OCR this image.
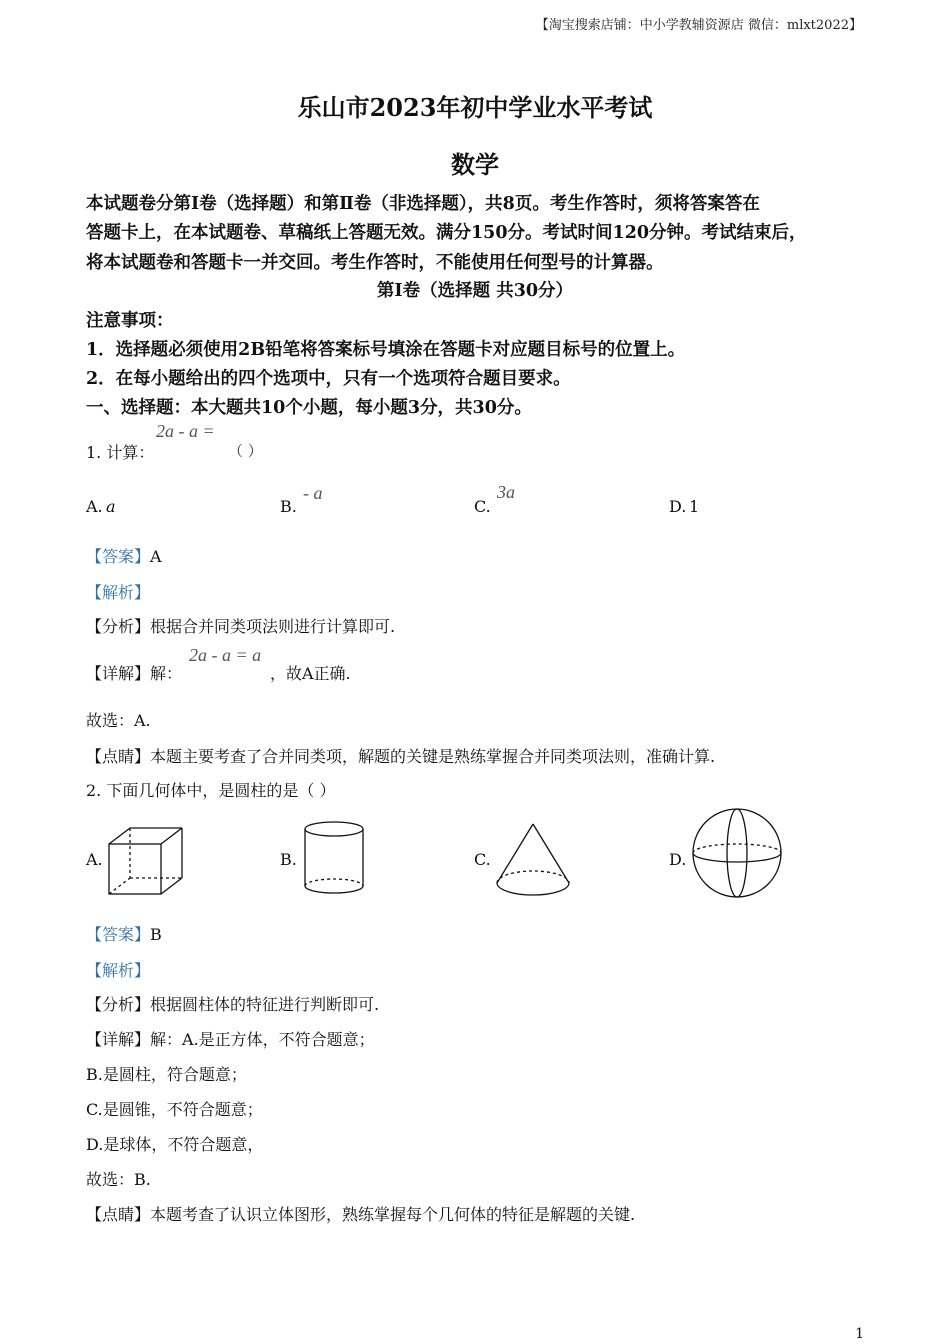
【淘宝搜索店铺：中小学教辅资源店 微信：mlxt2022】
乐山市2023年初中学业水平考试
数学
本试题卷分第Ⅰ卷（选择题）和第Ⅱ卷（非选择题），共8页。考生作答时，须将答案答在
答题卡上，在本试题卷、草稿纸上答题无效。满分150分。考试时间120分钟。考试结束后，
将本试题卷和答题卡一并交回。考生作答时，不能使用任何型号的计算器。
第Ⅰ卷（选择题 共30分）
注意事项：
1．选择题必须使用2B铅笔将答案标号填涂在答题卡对应题目标号的位置上。
2．在每小题给出的四个选项中，只有一个选项符合题目要求。
一、选择题：本大题共10个小题，每小题3分，共30分。
1. 计算：
2a - a =
（ ）
A. a	B.
- a
C.
3a
D. 1
【答案】A
【解析】
【分析】根据合并同类项法则进行计算即可.
【详解】解：
2a - a = a
，故A正确.
故选：A.
【点睛】本题主要考查了合并同类项，解题的关键是熟练掌握合并同类项法则，准确计算.
2. 下面几何体中，是圆柱的是（ ）
A.	B.	C.	D.
【答案】B
【解析】
【分析】根据圆柱体的特征进行判断即可.
【详解】解：A.是正方体，不符合题意；
B.是圆柱，符合题意；
C.是圆锥，不符合题意；
D.是球体，不符合题意，
故选：B.
【点睛】本题考查了认识立体图形，熟练掌握每个几何体的特征是解题的关键.
1
